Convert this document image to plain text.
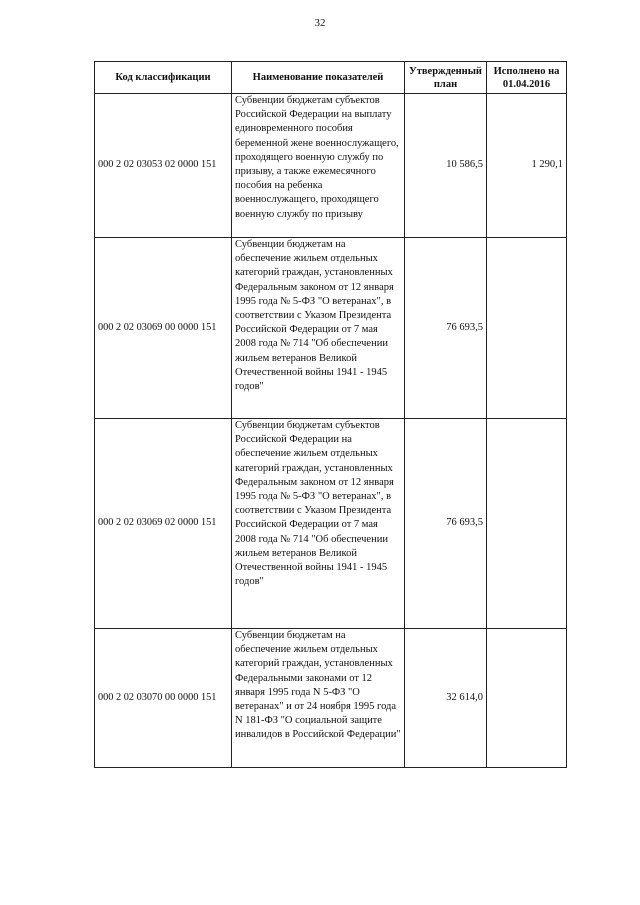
32
Код классификации	Наименование показателей	Утвержденный план	Исполнено на 01.04.2016
000 2 02 03053 02 0000 151	Субвенции бюджетам субъектов Российской Федерации на выплату единовременного пособия беременной жене военнослужащего, проходящего военную службу по призыву, а также ежемесячного пособия на ребенка военнослужащего, проходящего военную службу по призыву	10 586,5	1 290,1
000 2 02 03069 00 0000 151	Субвенции бюджетам на обеспечение жильем отдельных категорий граждан, установленных Федеральным законом от 12 января 1995 года № 5-ФЗ "О ветеранах", в соответствии с Указом Президента Российской Федерации от 7 мая 2008 года № 714 "Об обеспечении жильем ветеранов Великой Отечественной войны 1941 - 1945 годов"	76 693,5	
000 2 02 03069 02 0000 151	Субвенции бюджетам субъектов Российской Федерации на обеспечение жильем отдельных категорий граждан, установленных Федеральным законом от 12 января 1995 года № 5-ФЗ "О ветеранах", в соответствии с Указом Президента Российской Федерации от 7 мая 2008 года № 714 "Об обеспечении жильем ветеранов Великой Отечественной войны 1941 - 1945 годов"	76 693,5	
000 2 02 03070 00 0000 151	Субвенции бюджетам на обеспечение жильем отдельных категорий граждан, установленных Федеральными законами от 12 января 1995 года N 5-ФЗ "О ветеранах" и от 24 ноября 1995 года N 181-ФЗ "О социальной защите инвалидов в Российской Федерации"	32 614,0	
